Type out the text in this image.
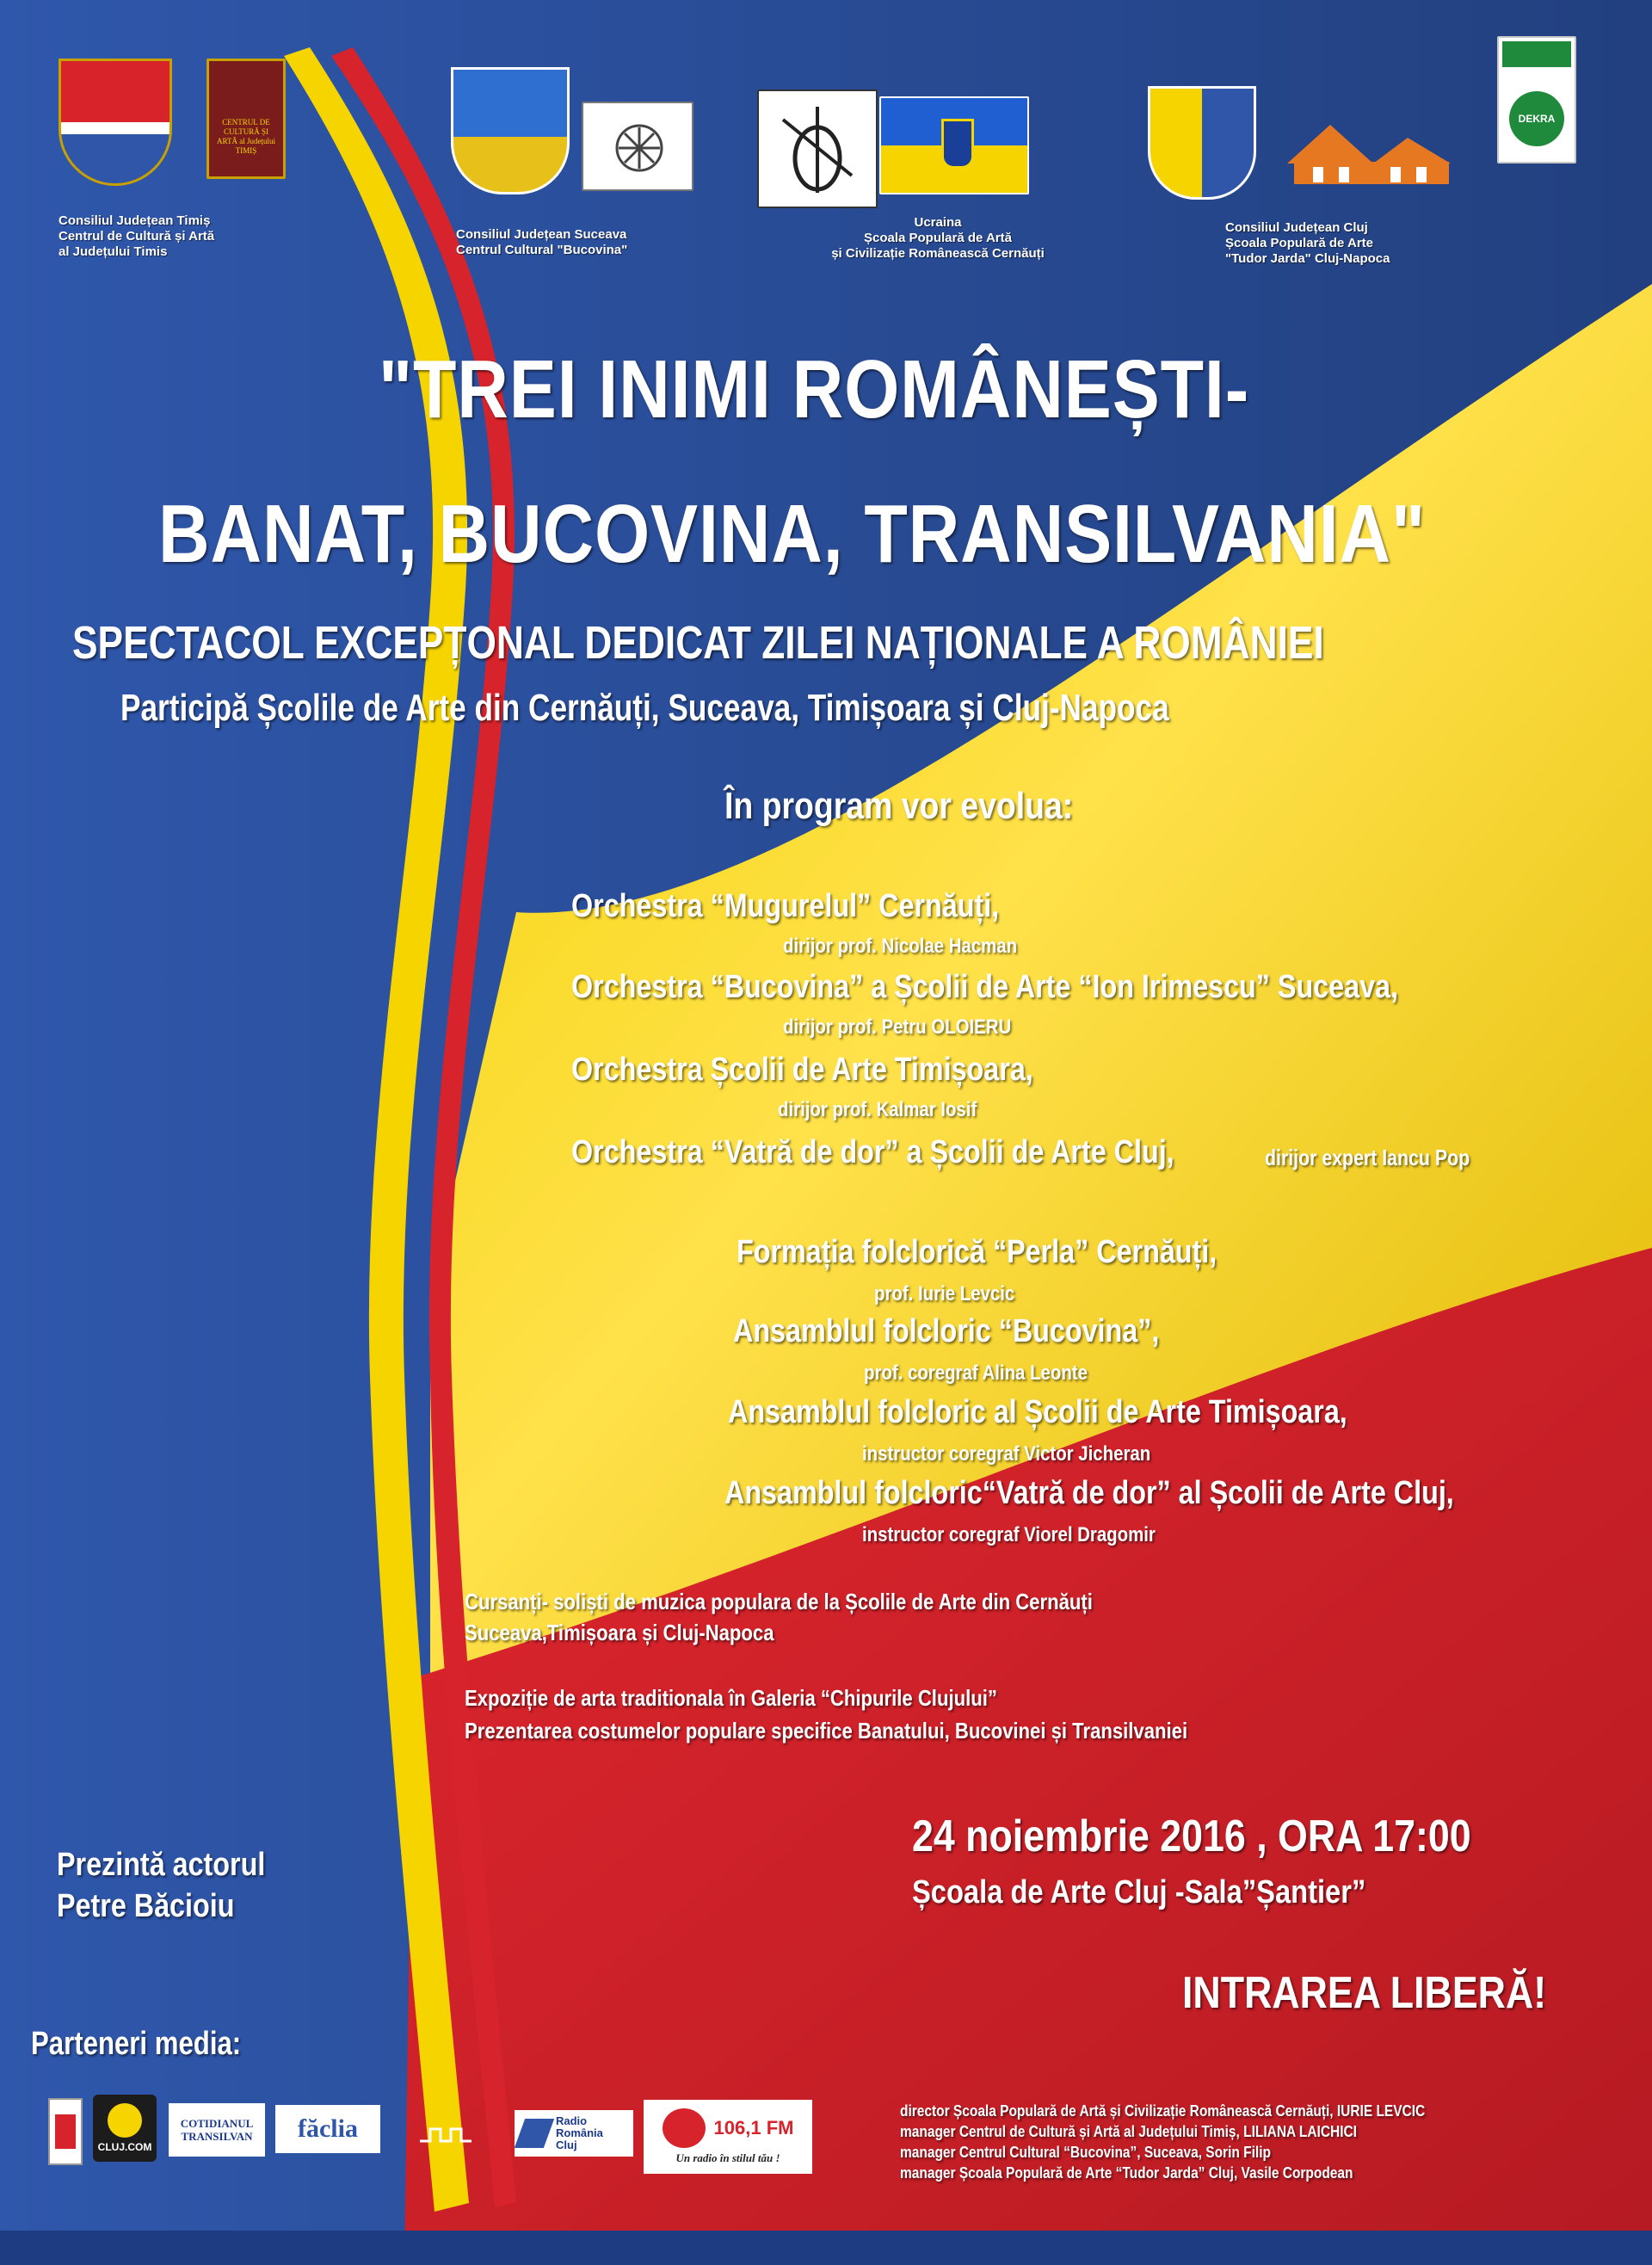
CENTRUL DE CULTURĂ ȘI ARTĂ al Județului TIMIȘ
Consiliul Județean Timiș
Centrul de Cultură și Artă
al Județului Timis
Consiliul Județean Suceava
Centrul Cultural "Bucovina"
Ucraina
Școala Populară de Artă
și Civilizație Românească Cernăuți
Consiliul Județean Cluj
Școala Populară de Arte
"Tudor Jarda" Cluj-Napoca
DEKRA
"TREI INIMI ROMÂNEȘTI-
BANAT, BUCOVINA, TRANSILVANIA"
SPECTACOL EXCEPȚONAL DEDICAT ZILEI NAȚIONALE A ROMÂNIEI
Participă Școlile de Arte din Cernăuți, Suceava, Timișoara și Cluj-Napoca
În program vor evolua:
Orchestra “Mugurelul” Cernăuți,
dirijor prof. Nicolae Hacman
Orchestra “Bucovina” a Școlii de Arte “Ion Irimescu” Suceava,
dirijor prof. Petru OLOIERU
Orchestra Școlii de Arte Timișoara,
dirijor prof. Kalmar Iosif
Orchestra “Vatră de dor” a Școlii de Arte Cluj,	dirijor expert Iancu Pop
Formația folclorică “Perla” Cernăuți,
prof. Iurie Levcic
Ansamblul folcloric “Bucovina”,
prof. coregraf Alina Leonte
Ansamblul folcloric al Școlii de Arte Timișoara,
instructor coregraf Victor Jicheran
Ansamblul folcloric“Vatră de dor” al Școlii de Arte Cluj,
instructor coregraf Viorel Dragomir
Cursanți- soliști de muzica populara de la Școlile de Arte din Cernăuți
Suceava,Timișoara și Cluj-Napoca
Expoziție de arta traditionala în Galeria “Chipurile Clujului”
Prezentarea costumelor populare specifice Banatului, Bucovinei și Transilvaniei
Prezintă actorul
Petre Băcioiu
24 noiembrie 2016 , ORA 17:00
Școala de Arte Cluj -Sala”Șantier”
INTRAREA LIBERĂ!
Parteneri media:
CLUJ.COM
COTIDIANUL TRANSILVAN	făclia	Radio România Cluj
106,1 FM
Un radio în stilul tău !
director Școala Populară de Artă și Civilizație Românească Cernăuți, IURIE LEVCIC
manager Centrul de Cultură și Artă al Județului Timiș, LILIANA LAICHICI
manager Centrul Cultural “Bucovina”, Suceava, Sorin Filip
manager Școala Populară de Arte “Tudor Jarda” Cluj, Vasile Corpodean
